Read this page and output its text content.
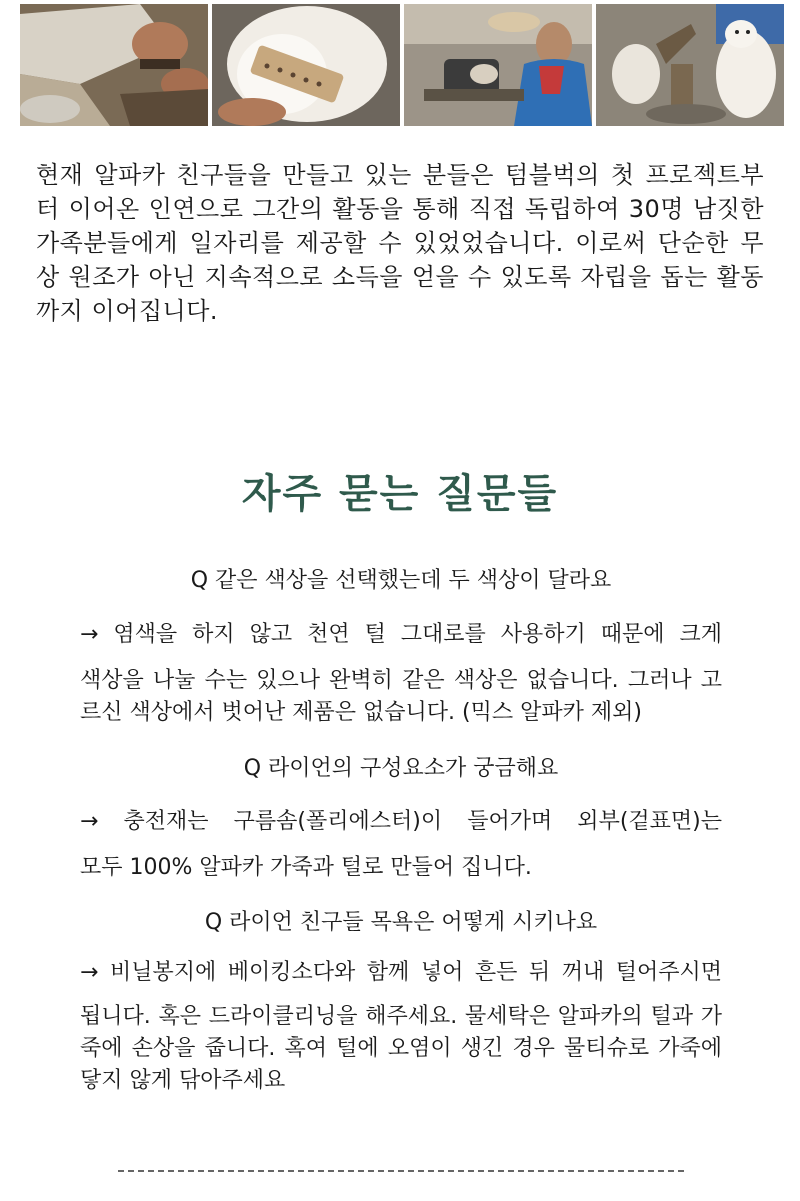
현재 알파카 친구들을 만들고 있는 분들은 텀블벅의 첫 프로젝트부터 이어온 인연으로 그간의 활동을 통해 직접 독립하여 30명 남짓한 가족분들에게 일자리를 제공할 수 있었었습니다. 이로써 단순한 무상 원조가 아닌 지속적으로 소득을 얻을 수 있도록 자립을 돕는 활동까지 이어집니다.

자주 묻는 질문들

Q 같은 색상을 선택했는데 두 색상이 달라요

→ 염색을 하지 않고 천연 털 그대로를 사용하기 때문에 크게

색상을 나눌 수는 있으나 완벽히 같은 색상은 없습니다. 그러나 고르신 색상에서 벗어난 제품은 없습니다. (믹스 알파카 제외)

Q 라이언의 구성요소가 궁금해요

→ 충전재는 구름솜(폴리에스터)이 들어가며 외부(겉표면)는

모두 100% 알파카 가죽과 털로 만들어 집니다.

Q 라이언 친구들 목욕은 어떻게 시키나요

→ 비닐봉지에 베이킹소다와 함께 넣어 흔든 뒤 꺼내 털어주시면

됩니다. 혹은 드라이클리닝을 해주세요. 물세탁은 알파카의 털과 가죽에 손상을 줍니다. 혹여 털에 오염이 생긴 경우 물티슈로 가죽에 닿지 않게 닦아주세요
